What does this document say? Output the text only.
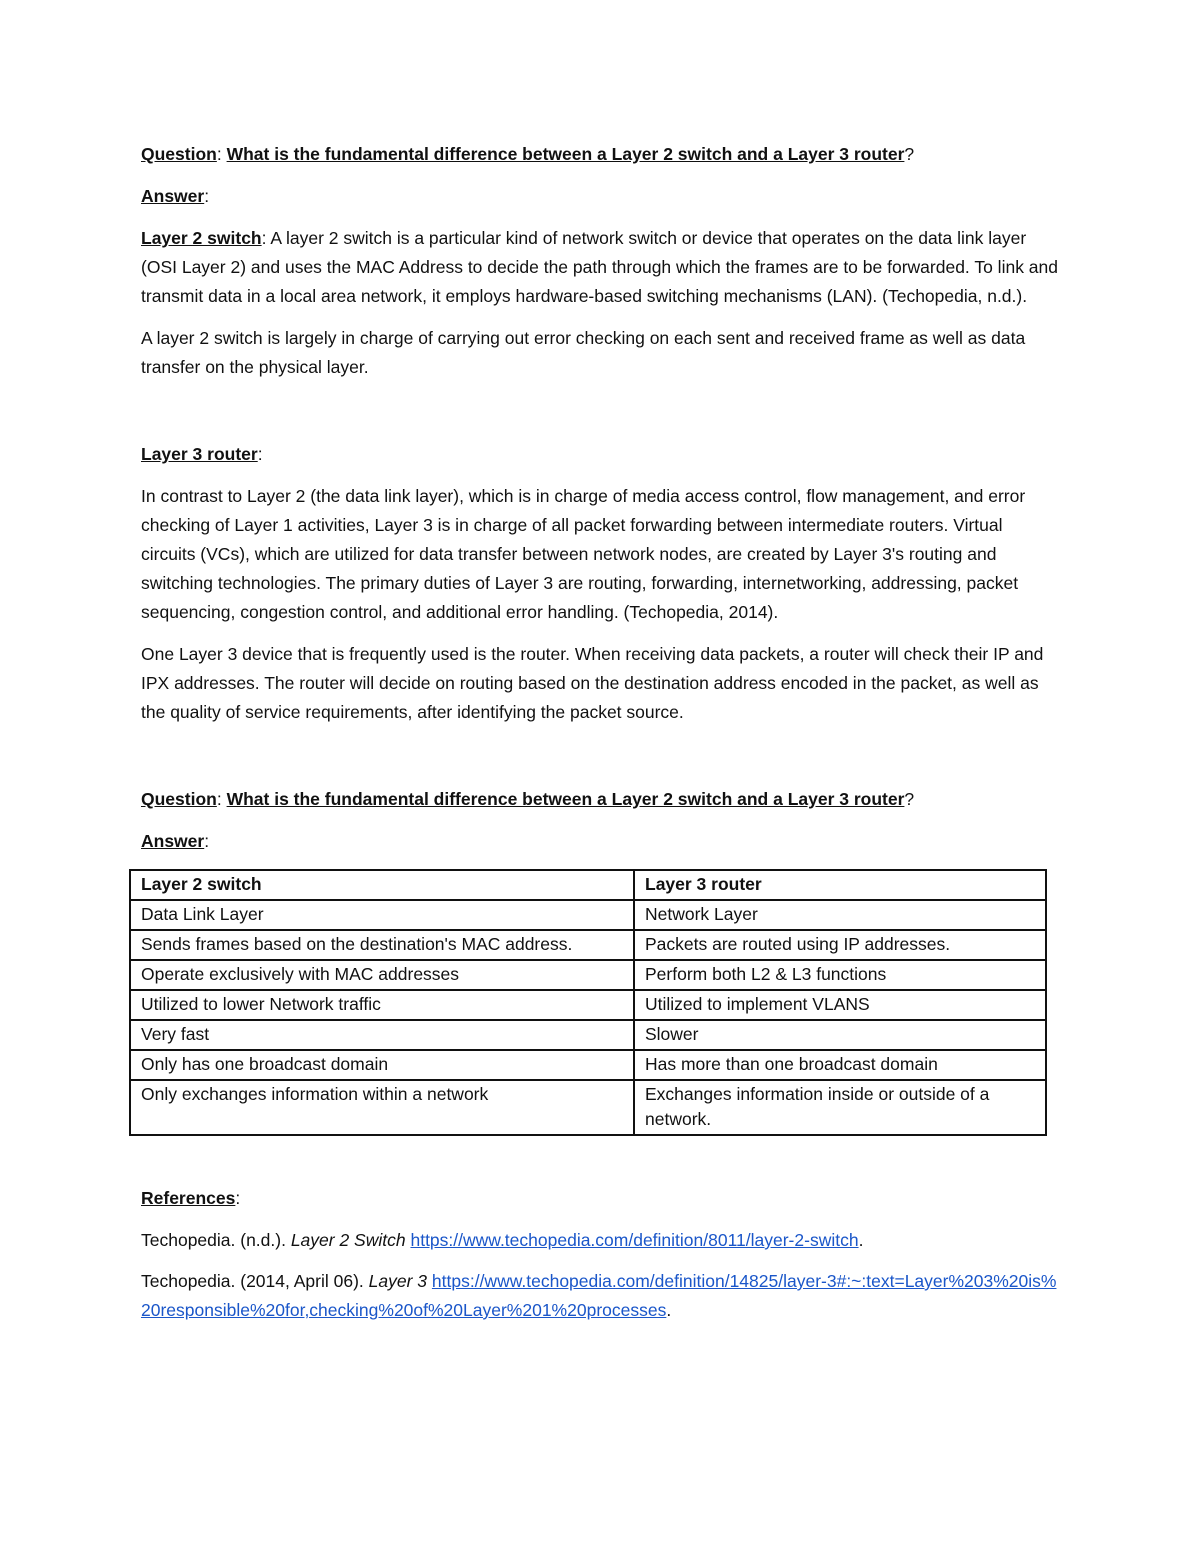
Question: What is the fundamental difference between a Layer 2 switch and a Layer 3 router?

Answer:

Layer 2 switch: A layer 2 switch is a particular kind of network switch or device that operates on the data link layer (OSI Layer 2) and uses the MAC Address to decide the path through which the frames are to be forwarded. To link and transmit data in a local area network, it employs hardware-based switching mechanisms (LAN). (Techopedia, n.d.).

A layer 2 switch is largely in charge of carrying out error checking on each sent and received frame as well as data transfer on the physical layer.

Layer 3 router:

In contrast to Layer 2 (the data link layer), which is in charge of media access control, flow management, and error checking of Layer 1 activities, Layer 3 is in charge of all packet forwarding between intermediate routers. Virtual circuits (VCs), which are utilized for data transfer between network nodes, are created by Layer 3's routing and switching technologies. The primary duties of Layer 3 are routing, forwarding, internetworking, addressing, packet sequencing, congestion control, and additional error handling. (Techopedia, 2014).

One Layer 3 device that is frequently used is the router. When receiving data packets, a router will check their IP and IPX addresses. The router will decide on routing based on the destination address encoded in the packet, as well as the quality of service requirements, after identifying the packet source.

Question: What is the fundamental difference between a Layer 2 switch and a Layer 3 router?

Answer:

Layer 2 switch	Layer 3 router
Data Link Layer	Network Layer
Sends frames based on the destination's MAC address.	Packets are routed using IP addresses.
Operate exclusively with MAC addresses	Perform both L2 & L3 functions
Utilized to lower Network traffic	Utilized to implement VLANS
Very fast	Slower
Only has one broadcast domain	Has more than one broadcast domain
Only exchanges information within a network	Exchanges information inside or outside of a network.

References:

Techopedia. (n.d.). Layer 2 Switch https://www.techopedia.com/definition/8011/layer-2-switch.

Techopedia. (2014, April 06). Layer 3 https://www.techopedia.com/definition/14825/layer-3#:~:text=Layer%203%20is%20responsible%20for,checking%20of%20Layer%201%20processes.
